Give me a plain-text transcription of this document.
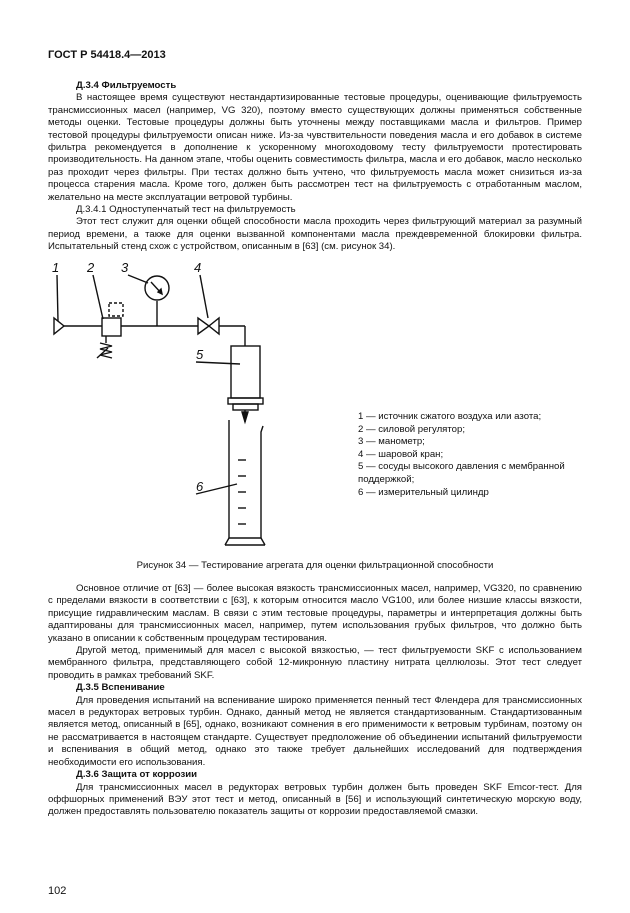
ГОСТ Р 54418.4—2013
Д.3.4 Фильтруемость
В настоящее время существуют нестандартизированные тестовые процедуры, оценивающие фильтруемость трансмиссионных масел (например, VG 320), поэтому вместо существующих должны применяться собственные методы оценки. Тестовые процедуры должны быть уточнены между поставщиками масла и фильтров. Пример тестовой процедуры фильтруемости описан ниже. Из-за чувствительности поведения масла и его добавок в системе фильтра рекомендуется в дополнение к ускоренному многоходовому тесту фильтруемости протестировать производительность. На данном этапе, чтобы оценить совместимость фильтра, масла и его добавок, масло несколько раз проходит через фильтры. При тестах должно быть учтено, что фильтруемость масла может снизиться из-за процесса старения масла. Кроме того, должен быть рассмотрен тест на фильтруемость с отработанным маслом, желательно на месте эксплуатации ветровой турбины.
Д.3.4.1 Одноступенчатый тест на фильтруемость
Этот тест служит для оценки общей способности масла проходить через фильтрующий материал за разумный период времени, а также для оценки вызванной компонентами масла преждевременной блокировки фильтра. Испытательный стенд схож с устройством, описанным в [63] (см. рисунок 34).
1 2 3	4
5
6
1 — источник сжатого воздуха или азота;
2 — силовой регулятор;
3 — манометр;
4 — шаровой кран;
5 — сосуды высокого давления с мембранной поддержкой;
6 — измерительный цилиндр
Рисунок 34 — Тестирование агрегата для оценки фильтрационной способности
Основное отличие от [63] — более высокая вязкость трансмиссионных масел, например, VG320, по сравнению с пределами вязкости в соответствии с [63], к которым относится масло VG100, или более низшие классы вязкости, присущие гидравлическим маслам. В связи с этим тестовые процедуры, параметры и интерпретация должны быть адаптированы для трансмиссионных масел, например, путем использования грубых фильтров, что должно быть указано в описании к собственным процедурам тестирования.
Другой метод, применимый для масел с высокой вязкостью, — тест фильтруемости SKF с использованием мембранного фильтра, представляющего собой 12-микронную пластину нитрата целлюлозы. Этот тест следует проводить в рамках требований SKF.
Д.3.5 Вспенивание
Для проведения испытаний на вспенивание широко применяется пенный тест Флендера для трансмиссионных масел в редукторах ветровых турбин. Однако, данный метод не является стандартизованным. Стандартизованным является метод, описанный в [65], однако, возникают сомнения в его применимости к ветровым турбинам, поэтому он не рассматривается в настоящем стандарте. Существует предположение об объединении испытаний фильтруемости и вспенивания в общий метод, однако это также требует дальнейших исследований для подтверждения необходимости его использования.
Д.3.6 Защита от коррозии
Для трансмиссионных масел в редукторах ветровых турбин должен быть проведен SKF Emcor-тест. Для оффшорных применений ВЭУ этот тест и метод, описанный в [56] и использующий синтетическую морскую воду, должен предоставлять пользователю показатель защиты от коррозии предоставляемой смазки.
102
